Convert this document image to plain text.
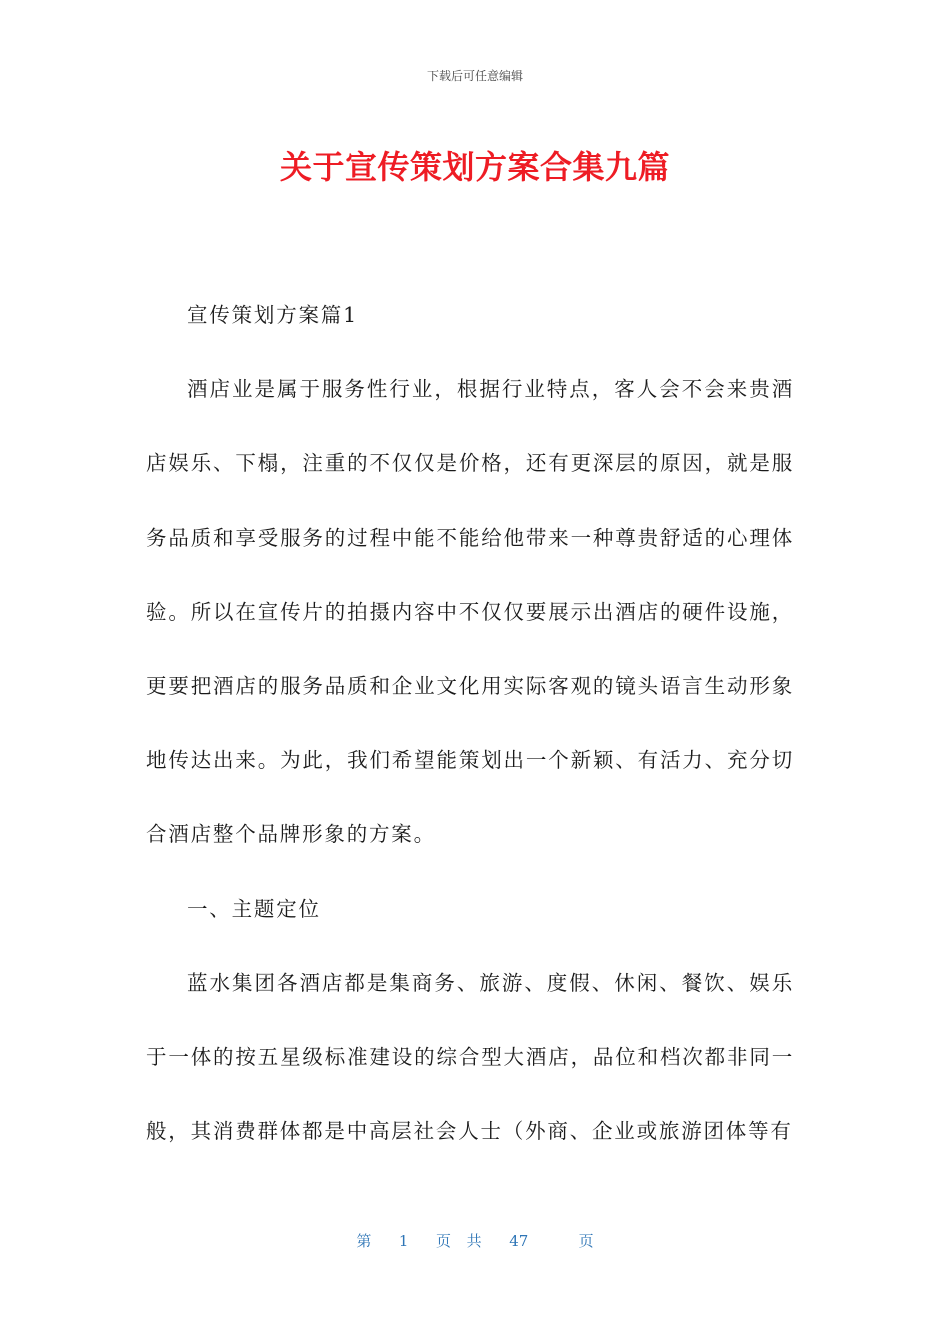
下载后可任意编辑
关于宣传策划方案合集九篇

宣传策划方案篇1

酒店业是属于服务性行业，根据行业特点，客人会不会来贵酒店娱乐、下榻，注重的不仅仅是价格，还有更深层的原因，就是服务品质和享受服务的过程中能不能给他带来一种尊贵舒适的心理体验。所以在宣传片的拍摄内容中不仅仅要展示出酒店的硬件设施，更要把酒店的服务品质和企业文化用实际客观的镜头语言生动形象地传达出来。为此，我们希望能策划出一个新颖、有活力、充分切合酒店整个品牌形象的方案。

一、主题定位

蓝水集团各酒店都是集商务、旅游、度假、休闲、餐饮、娱乐于一体的按五星级标准建设的综合型大酒店，品位和档次都非同一般，其消费群体都是中高层社会人士（外商、企业或旅游团体等有

第 1 页 共 47	页
